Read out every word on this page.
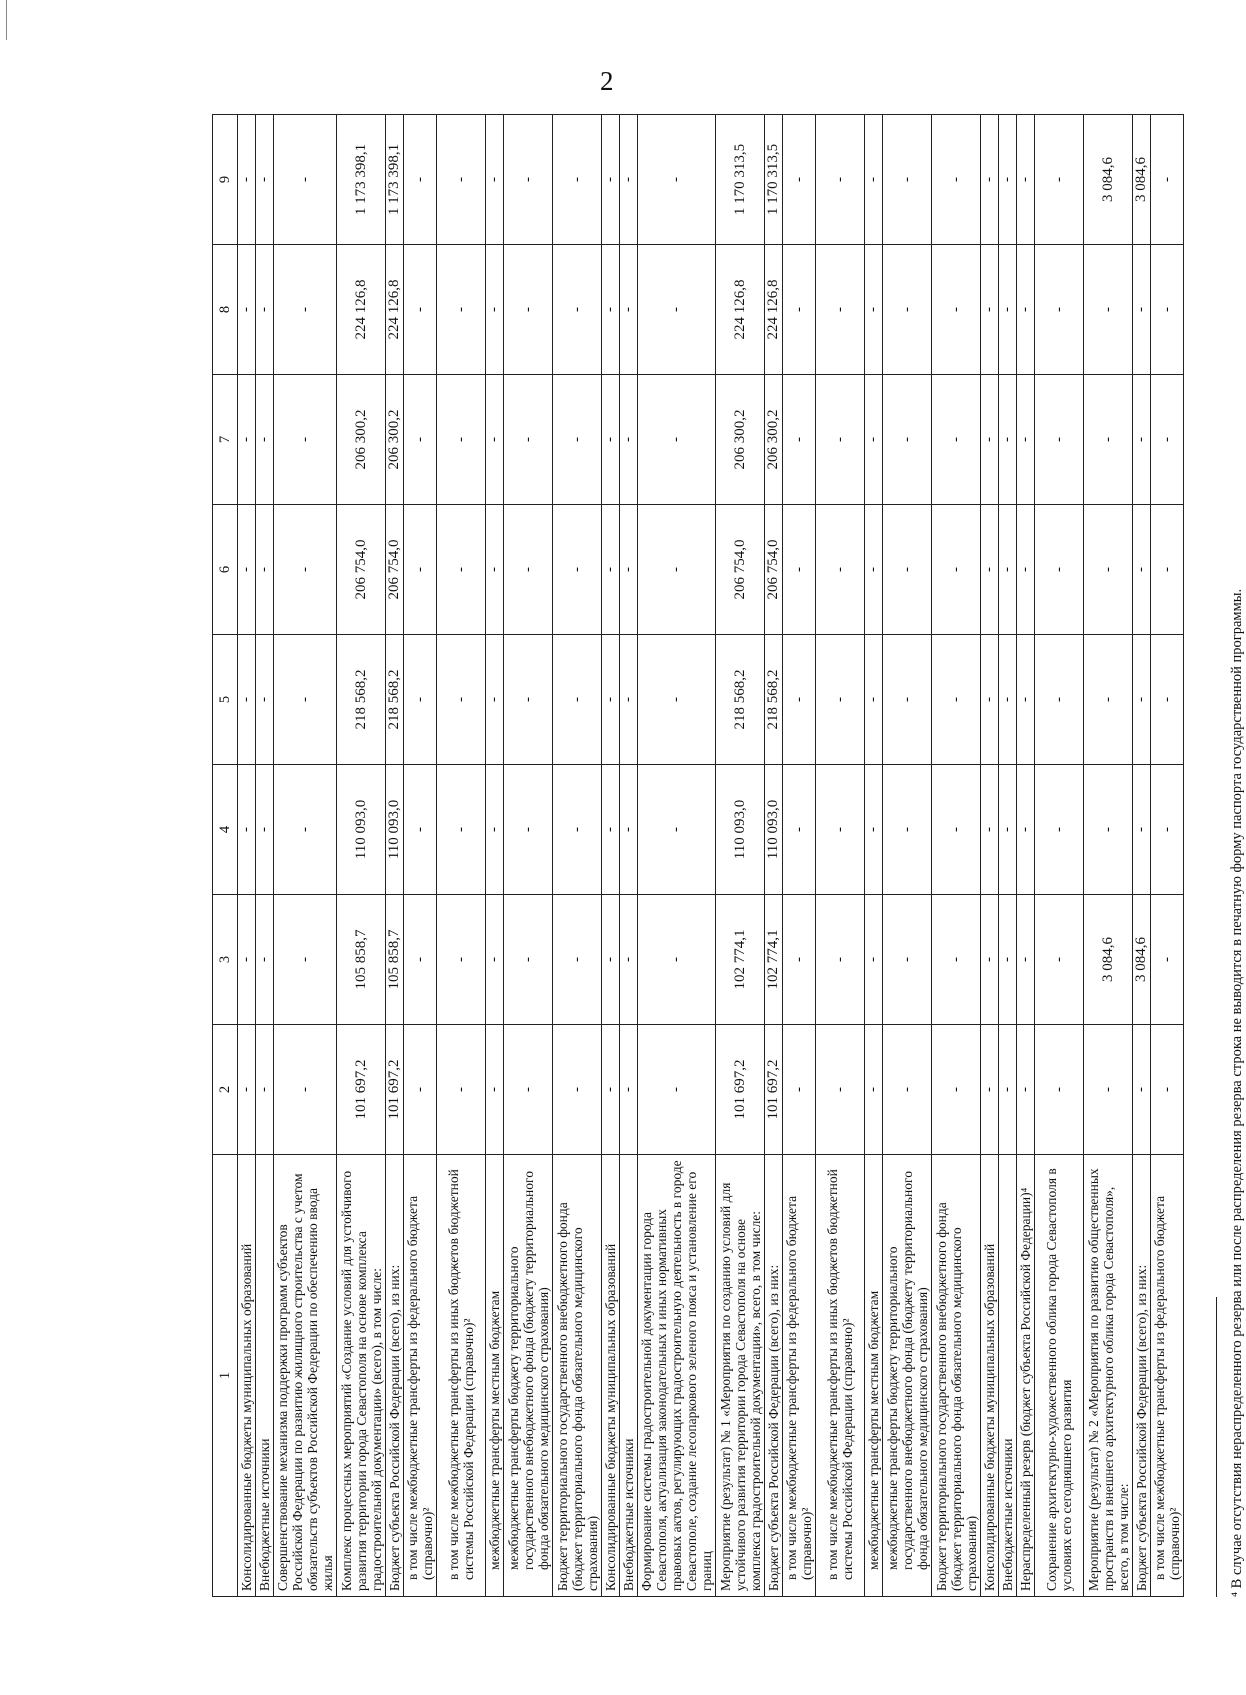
2
1	2	3	4	5	6	7	8	9
Консолидированные бюджеты муниципальных образований	-	-	-	-	-	-	-	-
Внебюджетные источники	-	-	-	-	-	-	-	-
Совершенствование механизма поддержки программ субъектов Российской Федерации по развитию жилищного строительства с учетом обязательств субъектов Российской Федерации по обеспечению ввода жилья	-	-	-	-	-	-	-	-
Комплекс процессных мероприятий «Создание условий для устойчивого развития территории города Севастополя на основе комплекса градостроительной документации» (всего), в том числе:	101 697,2	105 858,7	110 093,0	218 568,2	206 754,0	206 300,2	224 126,8	1 173 398,1
Бюджет субъекта Российской Федерации (всего), из них:	101 697,2	105 858,7	110 093,0	218 568,2	206 754,0	206 300,2	224 126,8	1 173 398,1
в том числе межбюджетные трансферты из федерального бюджета (справочно)²	-	-	-	-	-	-	-	-
в том числе межбюджетные трансферты из иных бюджетов бюджетной системы Российской Федерации (справочно)²	-	-	-	-	-	-	-	-
межбюджетные трансферты местным бюджетам	-	-	-	-	-	-	-	-
межбюджетные трансферты бюджету территориального государственного внебюджетного фонда (бюджету территориального фонда обязательного медицинского страхования)	-	-	-	-	-	-	-	-
Бюджет территориального государственного внебюджетного фонда (бюджет территориального фонда обязательного медицинского страхования)	-	-	-	-	-	-	-	-
Консолидированные бюджеты муниципальных образований	-	-	-	-	-	-	-	-
Внебюджетные источники	-	-	-	-	-	-	-	-
Формирование системы градостроительной документации города Севастополя, актуализация законодательных и иных нормативных правовых актов, регулирующих градостроительную деятельность в городе Севастополе, создание лесопаркового зеленого пояса и установление его границ	-	-	-	-	-	-	-	-
Мероприятие (результат) № 1 «Мероприятия по созданию условий для устойчивого развития территории города Севастополя на основе комплекса градостроительной документации», всего, в том числе:	101 697,2	102 774,1	110 093,0	218 568,2	206 754,0	206 300,2	224 126,8	1 170 313,5
Бюджет субъекта Российской Федерации (всего), из них:	101 697,2	102 774,1	110 093,0	218 568,2	206 754,0	206 300,2	224 126,8	1 170 313,5
в том числе межбюджетные трансферты из федерального бюджета (справочно)²	-	-	-	-	-	-	-	-
в том числе межбюджетные трансферты из иных бюджетов бюджетной системы Российской Федерации (справочно)²	-	-	-	-	-	-	-	-
межбюджетные трансферты местным бюджетам	-	-	-	-	-	-	-	-
межбюджетные трансферты бюджету территориального государственного внебюджетного фонда (бюджету территориального фонда обязательного медицинского страхования)	-	-	-	-	-	-	-	-
Бюджет территориального государственного внебюджетного фонда (бюджет территориального фонда обязательного медицинского страхования)	-	-	-	-	-	-	-	-
Консолидированные бюджеты муниципальных образований	-	-	-	-	-	-	-	-
Внебюджетные источники	-	-	-	-	-	-	-	-
Нераспределенный резерв (бюджет субъекта Российской Федерации)⁴	-	-	-	-	-	-	-	-
Сохранение архитектурно-художественного облика города Севастополя в условиях его сегодняшнего развития	-	-	-	-	-	-	-	-
Мероприятие (результат) № 2 «Мероприятия по развитию общественных пространств и внешнего архитектурного облика города Севастополя», всего, в том числе:	-	3 084,6	-	-	-	-	-	3 084,6
Бюджет субъекта Российской Федерации (всего), из них:	-	3 084,6	-	-	-	-	-	3 084,6
в том числе межбюджетные трансферты из федерального бюджета (справочно)²	-	-	-	-	-	-	-	-
⁴ В случае отсутствия нераспределенного резерва или после распределения резерва строка не выводится в печатную форму паспорта государственной программы.
